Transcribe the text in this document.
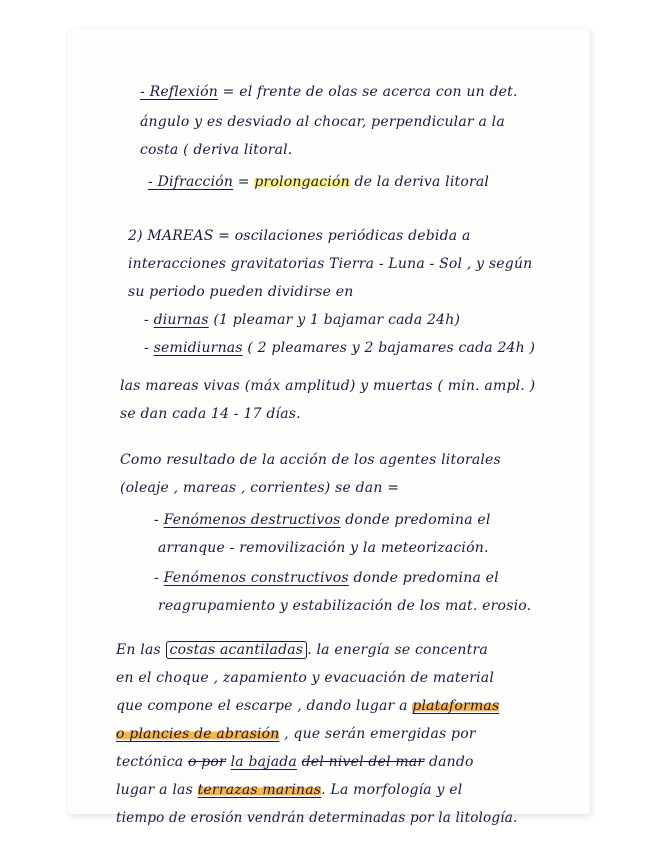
- Reflexión = el frente de olas se acerca con un det.
ángulo y es desviado al chocar, perpendicular a la
costa ( deriva litoral.
- Difracción = prolongación de la deriva litoral
2) MAREAS = oscilaciones periódicas debida a
interacciones gravitatorias Tierra - Luna - Sol , y según
su periodo pueden dividirse en
- diurnas (1 pleamar y 1 bajamar cada 24h)
- semidiurnas ( 2 pleamares y 2 bajamares cada 24h )
las mareas vivas (máx amplitud) y muertas ( min. ampl. )
se dan cada 14 - 17 días.
Como resultado de la acción de los agentes litorales
(oleaje , mareas , corrientes) se dan =
- Fenómenos destructivos donde predomina el
arranque - removilización y la meteorización.
- Fenómenos constructivos donde predomina el
reagrupamiento y estabilización de los mat. erosio.
En las costas acantiladas . la energía se concentra
en el choque , zapamiento y evacuación de material
que compone el escarpe , dando lugar a plataformas
o plancies de abrasión , que serán emergidas por
tectónica o por la bajada del nivel del mar dando
lugar a las terrazas marinas. La morfología y el
tiempo de erosión vendrán determinadas por la litología.
